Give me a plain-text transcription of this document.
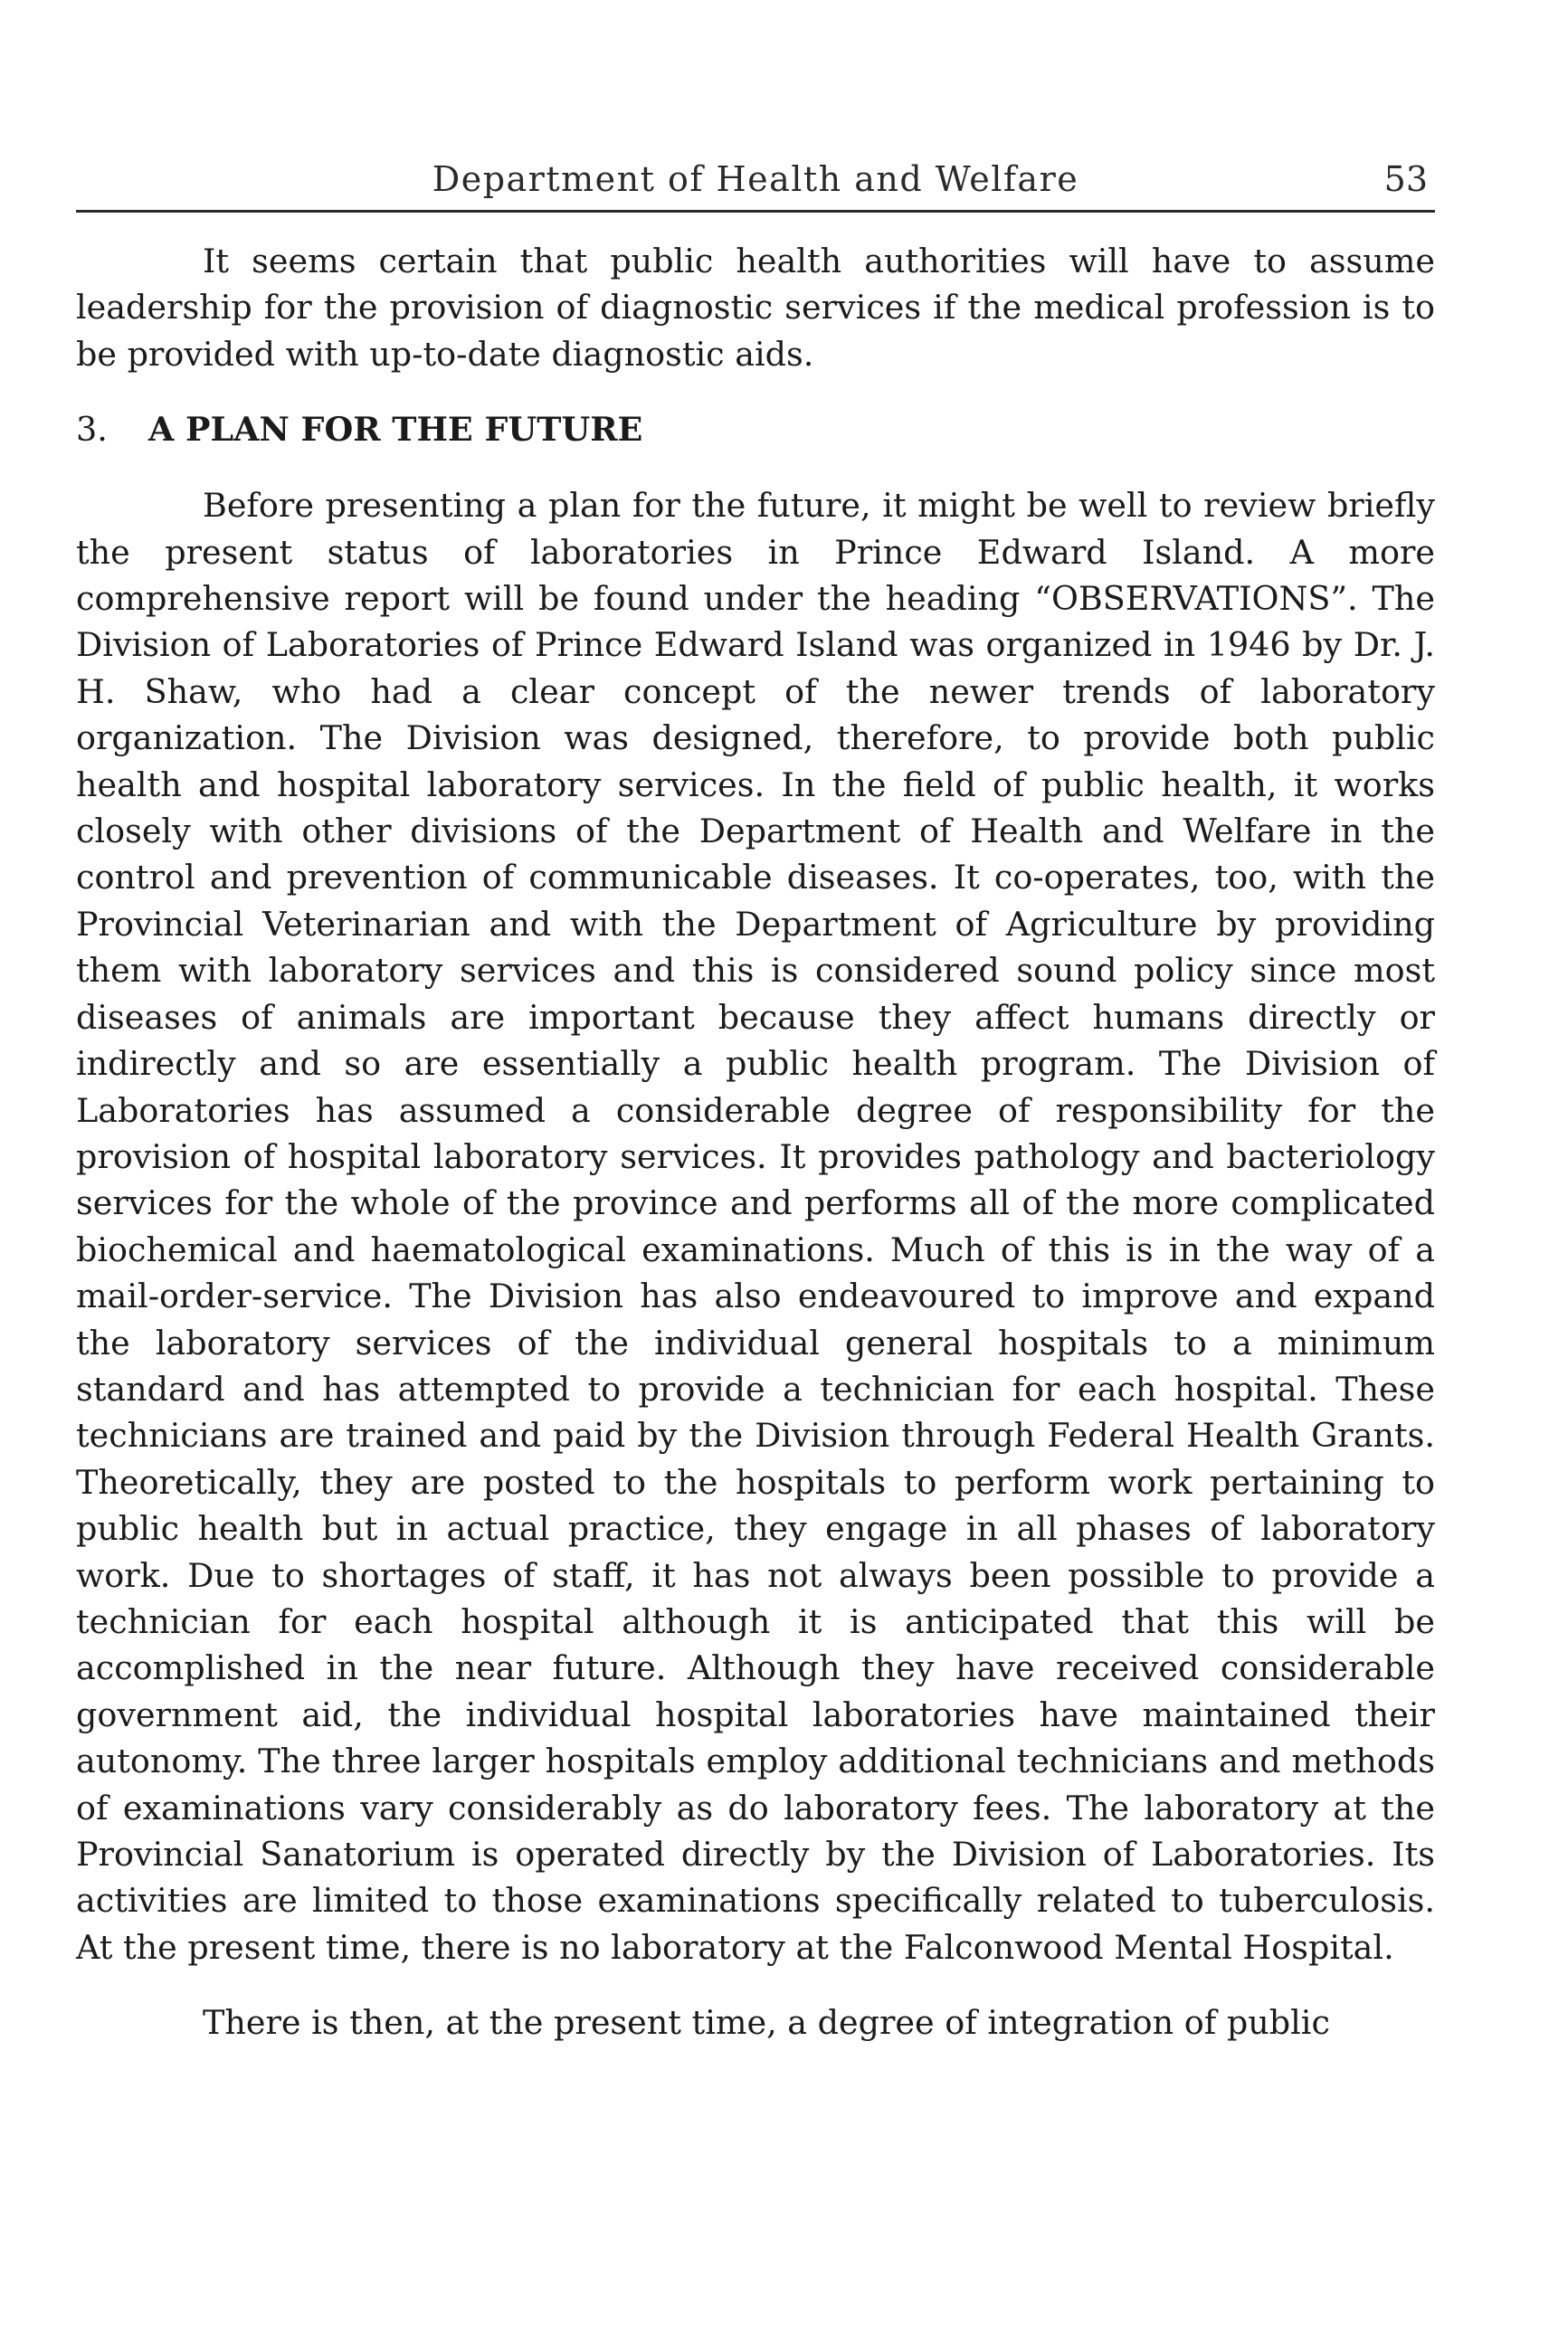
Department of Health and Welfare	53

It seems certain that public health authorities will have to assume leadership for the provision of diagnostic services if the medical profession is to be provided with up-to-date diagnostic aids.

3. A PLAN FOR THE FUTURE

Before presenting a plan for the future, it might be well to review briefly the present status of laboratories in Prince Edward Island. A more comprehensive report will be found under the heading “OBSERVATIONS”. The Division of Laboratories of Prince Edward Island was organized in 1946 by Dr. J. H. Shaw, who had a clear concept of the newer trends of laboratory organization. The Division was designed, therefore, to provide both public health and hospital laboratory services. In the field of public health, it works closely with other divisions of the Department of Health and Welfare in the control and prevention of communicable diseases. It co-operates, too, with the Provincial Veterinarian and with the Department of Agriculture by providing them with laboratory services and this is considered sound policy since most diseases of animals are important because they affect humans directly or indirectly and so are essentially a public health program. The Division of Laboratories has assumed a considerable degree of responsibility for the provision of hospital laboratory services. It provides pathology and bacteriology services for the whole of the province and performs all of the more complicated biochemical and haematological examinations. Much of this is in the way of a mail-order-service. The Division has also endeavoured to improve and expand the laboratory services of the individual general hospitals to a minimum standard and has attempted to provide a technician for each hospital. These technicians are trained and paid by the Division through Federal Health Grants. Theoretically, they are posted to the hospitals to perform work pertaining to public health but in actual practice, they engage in all phases of laboratory work. Due to shortages of staff, it has not always been possible to provide a technician for each hospital although it is anticipated that this will be accomplished in the near future. Although they have received considerable government aid, the individual hospital laboratories have maintained their autonomy. The three larger hospitals employ additional technicians and methods of examinations vary considerably as do laboratory fees. The laboratory at the Provincial Sanatorium is operated directly by the Division of Laboratories. Its activities are limited to those examinations specifically related to tuberculosis. At the present time, there is no laboratory at the Falconwood Mental Hospital.

There is then, at the present time, a degree of integration of public
